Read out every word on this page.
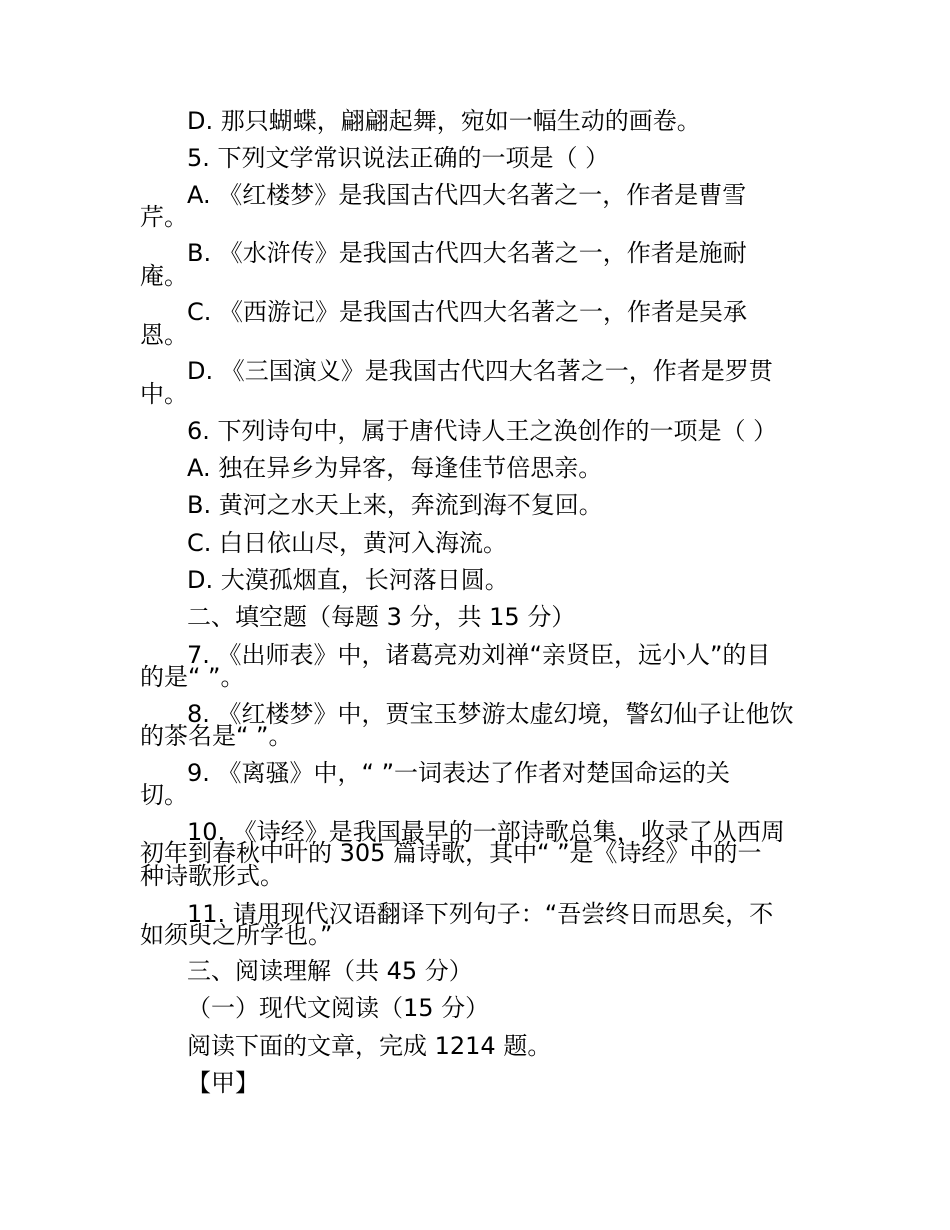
D. 那只蝴蝶，翩翩起舞，宛如一幅生动的画卷。
5. 下列文学常识说法正确的一项是（ ）
A. 《红楼梦》是我国古代四大名著之一，作者是曹雪
芹。
B. 《水浒传》是我国古代四大名著之一，作者是施耐
庵。
C. 《西游记》是我国古代四大名著之一，作者是吴承
恩。
D. 《三国演义》是我国古代四大名著之一，作者是罗贯
中。
6. 下列诗句中，属于唐代诗人王之涣创作的一项是（ ）
A. 独在异乡为异客，每逢佳节倍思亲。
B. 黄河之水天上来，奔流到海不复回。
C. 白日依山尽，黄河入海流。
D. 大漠孤烟直，长河落日圆。
二、填空题（每题 3 分，共 15 分）
7. 《出师表》中，诸葛亮劝刘禅“亲贤臣，远小人”的目
的是“ ”。
8. 《红楼梦》中，贾宝玉梦游太虚幻境，警幻仙子让他饮
的茶名是“ ”。
9. 《离骚》中，“ ”一词表达了作者对楚国命运的关
切。
10. 《诗经》是我国最早的一部诗歌总集，收录了从西周
初年到春秋中叶的 305 篇诗歌，其中“ ”是《诗经》中的一
种诗歌形式。
11. 请用现代汉语翻译下列句子：“吾尝终日而思矣，不
如须臾之所学也。”
三、阅读理解（共 45 分）
（一）现代文阅读（15 分）
阅读下面的文章，完成 1214 题。
【甲】
